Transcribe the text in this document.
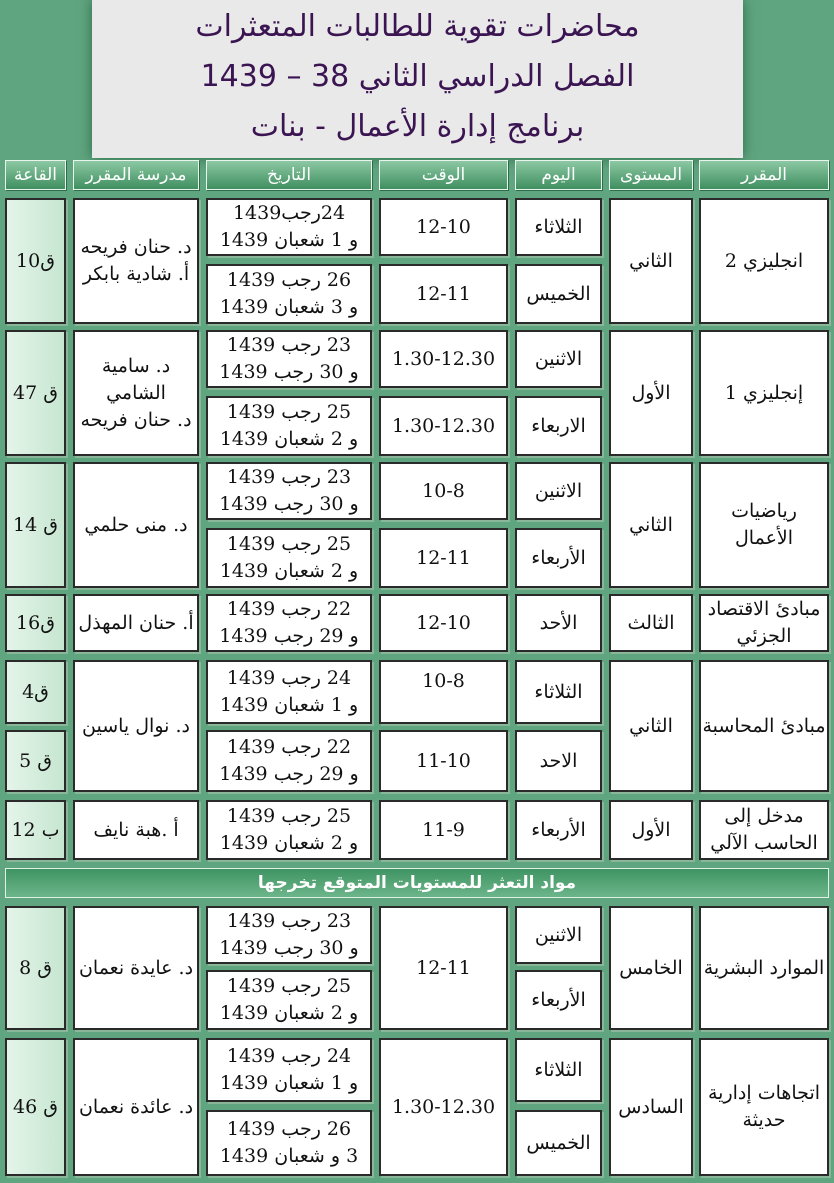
محاضرات تقوية للطالبات المتعثرات
الفصل الدراسي الثاني 38 – 1439
برنامج إدارة الأعمال - بنات
المقرر
المستوى
اليوم
الوقت
التاريخ
مدرسة المقرر
القاعة
انجليزي 2
الثاني
الثلاثاء
الخميس
12-10
12-11
24رجب1439
و 1 شعبان 1439
26 رجب 1439
و 3 شعبان 1439
د. حنان فريحه
أ. شادية بابكر
ق10
إنجليزي 1
الأول
الاثنين
الاربعاء
1.30-12.30
1.30-12.30
23 رجب 1439
و 30 رجب 1439
25 رجب 1439
و 2 شعبان 1439
د. سامية
الشامي
د. حنان فريحه
ق 47
رياضيات
الأعمال
الثاني
الاثنين
الأربعاء
10-8
12-11
23 رجب 1439
و 30 رجب 1439
25 رجب 1439
و 2 شعبان 1439
د. منى حلمي
ق 14
مبادئ الاقتصاد
الجزئي
الثالث
الأحد
12-10
22 رجب 1439
و 29 رجب 1439
أ. حنان المهذل
ق16
مبادئ المحاسبة
الثاني
الثلاثاء
الاحد
10-8
11-10
24 رجب 1439
و 1 شعبان 1439
22 رجب 1439
و 29 رجب 1439
د. نوال ياسين
ق4
ق 5
مدخل إلى
الحاسب الآلي
الأول
الأربعاء
11-9
25 رجب 1439
و 2 شعبان 1439
أ .هبة نايف
ب 12
مواد التعثر للمستويات المتوقع تخرجها
الموارد البشرية
الخامس
الاثنين
الأربعاء
12-11
23 رجب 1439
و 30 رجب 1439
25 رجب 1439
و 2 شعبان 1439
د. عايدة نعمان
ق 8
اتجاهات إدارية
حديثة
السادس
الثلاثاء
الخميس
1.30-12.30
24 رجب 1439
و 1 شعبان 1439
26 رجب 1439
3 و شعبان 1439
د. عائدة نعمان
ق 46
